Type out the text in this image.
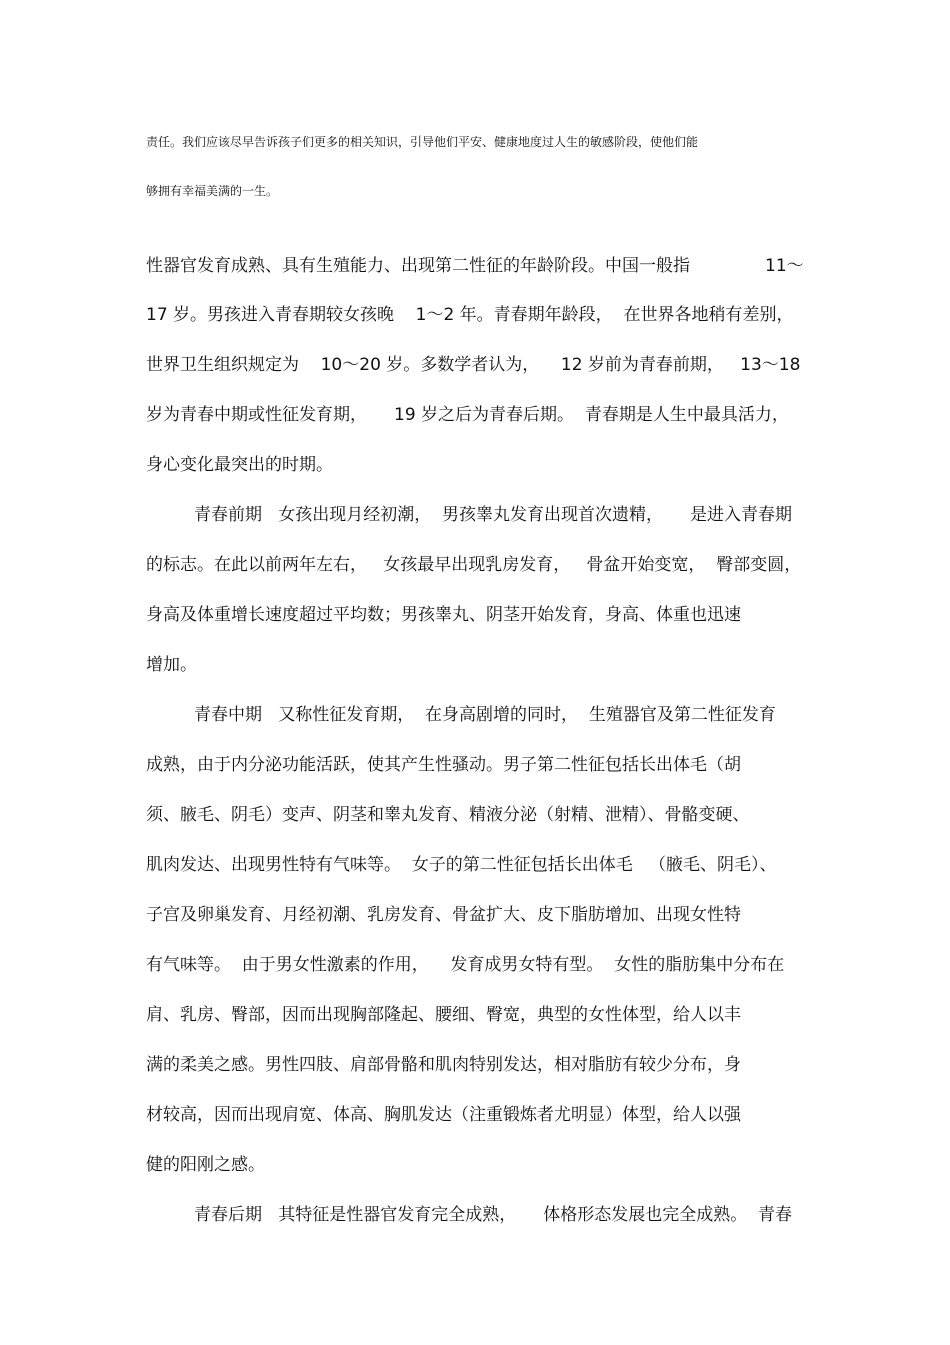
责任。我们应该尽早告诉孩子们更多的相关知识，引导他们平安、健康地度过人生的敏感阶段，使他们能
够拥有幸福美满的一生。
性器官发育成熟、具有生殖能力、出现第二性征的年龄阶段。中国一般指	11～
17 岁。男孩进入青春期较女孩晚    1～2 年。青春期年龄段，  在世界各地稍有差别，
世界卫生组织规定为    10～20 岁。多数学者认为，    12 岁前为青春前期，   13～18
岁为青春中期或性征发育期，     19 岁之后为青春后期。  青春期是人生中最具活力，
身心变化最突出的时期。
青春前期   女孩出现月经初潮，  男孩睾丸发育出现首次遗精，     是进入青春期
的标志。在此以前两年左右，   女孩最早出现乳房发育，   骨盆开始变宽，  臀部变圆，
身高及体重增长速度超过平均数；男孩睾丸、阴茎开始发育，身高、体重也迅速
增加。
青春中期   又称性征发育期，  在身高剧增的同时，  生殖器官及第二性征发育
成熟，由于内分泌功能活跃，使其产生性骚动。男子第二性征包括长出体毛（胡
须、腋毛、阴毛）变声、阴茎和睾丸发育、精液分泌（射精、泄精）、骨骼变硬、
肌肉发达、出现男性特有气味等。  女子的第二性征包括长出体毛   （腋毛、阴毛）、
子宫及卵巢发育、月经初潮、乳房发育、骨盆扩大、皮下脂肪增加、出现女性特
有气味等。  由于男女性激素的作用，    发育成男女特有型。  女性的脂肪集中分布在
肩、乳房、臀部，因而出现胸部隆起、腰细、臀宽，典型的女性体型，给人以丰
满的柔美之感。男性四肢、肩部骨骼和肌肉特别发达，相对脂肪有较少分布，身
材较高，因而出现肩宽、体高、胸肌发达（注重锻炼者尤明显）体型，给人以强
健的阳刚之感。
青春后期   其特征是性器官发育完全成熟，     体格形态发展也完全成熟。  青春
